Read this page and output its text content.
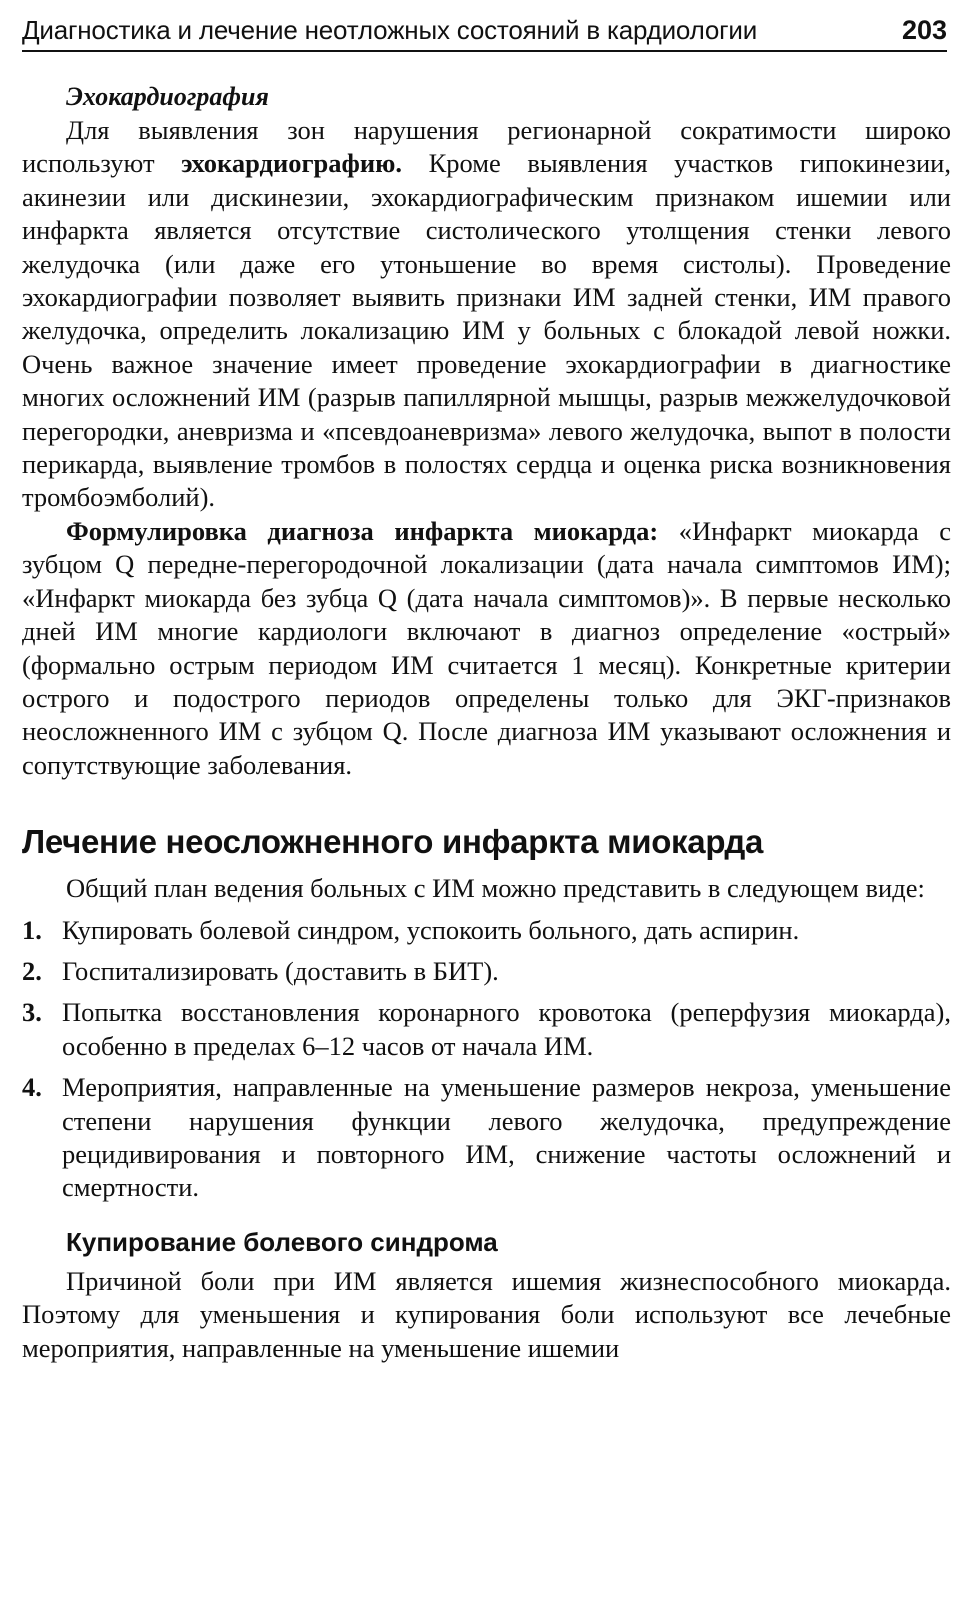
Диагностика и лечение неотложных состояний в кардиологии	203
Эхокардиография

Для выявления зон нарушения регионарной сократимости широко используют эхокардиографию. Кроме выявления участков гипокинезии, акинезии или дискинезии, эхокардиографическим признаком ишемии или инфаркта является отсутствие систолического утолщения стенки левого желудочка (или даже его утоньшение во время систолы). Проведение эхокардиографии позволяет выявить признаки ИМ задней стенки, ИМ правого желудочка, определить локализацию ИМ у больных с блокадой левой ножки. Очень важное значение имеет проведение эхокардиографии в диагностике многих осложнений ИМ (разрыв папиллярной мышцы, разрыв межжелудочковой перегородки, аневризма и «псевдоаневризма» левого желудочка, выпот в полости перикарда, выявление тромбов в полостях сердца и оценка риска возникновения тромбоэмболий).

Формулировка диагноза инфаркта миокарда: «Инфаркт миокарда с зубцом Q передне-перегородочной локализации (дата начала симптомов ИМ); «Инфаркт миокарда без зубца Q (дата начала симптомов)». В первые несколько дней ИМ многие кардиологи включают в диагноз определение «острый» (формально острым периодом ИМ считается 1 месяц). Конкретные критерии острого и подострого периодов определены только для ЭКГ-признаков неосложненного ИМ с зубцом Q. После диагноза ИМ указывают осложнения и сопутствующие заболевания.

Лечение неосложненного инфаркта миокарда

Общий план ведения больных с ИМ можно представить в следующем виде:

1. Купировать болевой синдром, успокоить больного, дать аспирин.
2. Госпитализировать (доставить в БИТ).
3. Попытка восстановления коронарного кровотока (реперфузия миокарда), особенно в пределах 6–12 часов от начала ИМ.
4. Мероприятия, направленные на уменьшение размеров некроза, уменьшение степени нарушения функции левого желудочка, предупреждение рецидивирования и повторного ИМ, снижение частоты осложнений и смертности.
Купирование болевого синдрома

Причиной боли при ИМ является ишемия жизнеспособного миокарда. Поэтому для уменьшения и купирования боли используют все лечебные мероприятия, направленные на уменьшение ишемии
